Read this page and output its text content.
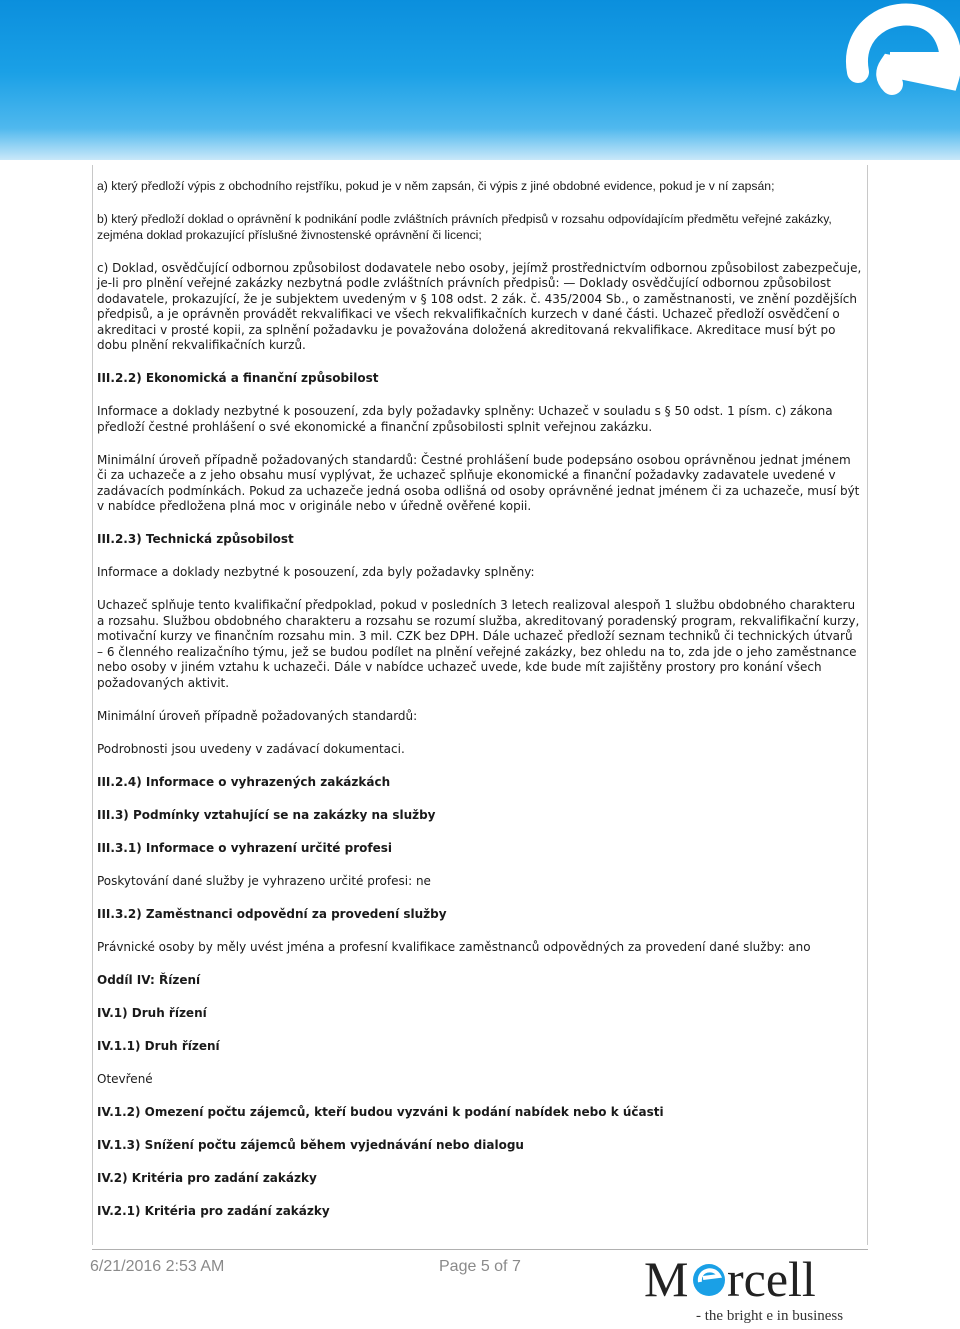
a) který předloží výpis z obchodního rejstříku, pokud je v něm zapsán, či výpis z jiné obdobné evidence, pokud je v ní zapsán;

b) který předloží doklad o oprávnění k podnikání podle zvláštních právních předpisů v rozsahu odpovídajícím předmětu veřejné zakázky, zejména doklad prokazující příslušné živnostenské oprávnění či licenci;

c) Doklad, osvědčující odbornou způsobilost dodavatele nebo osoby, jejímž prostřednictvím odbornou způsobilost zabezpečuje, je-li pro plnění veřejné zakázky nezbytná podle zvláštních právních předpisů: — Doklady osvědčující odbornou způsobilost dodavatele, prokazující, že je subjektem uvedeným v § 108 odst. 2 zák. č. 435/2004 Sb., o zaměstnanosti, ve znění pozdějších předpisů, a je oprávněn provádět rekvalifikaci ve všech rekvalifikačních kurzech v dané části. Uchazeč předloží osvědčení o akreditaci v prosté kopii, za splnění požadavku je považována doložená akreditovaná rekvalifikace. Akreditace musí být po dobu plnění rekvalifikačních kurzů.

III.2.2) Ekonomická a finanční způsobilost

Informace a doklady nezbytné k posouzení, zda byly požadavky splněny: Uchazeč v souladu s § 50 odst. 1 písm. c) zákona předloží čestné prohlášení o své ekonomické a finanční způsobilosti splnit veřejnou zakázku.

Minimální úroveň případně požadovaných standardů: Čestné prohlášení bude podepsáno osobou oprávněnou jednat jménem či za uchazeče a z jeho obsahu musí vyplývat, že uchazeč splňuje ekonomické a finanční požadavky zadavatele uvedené v zadávacích podmínkách. Pokud za uchazeče jedná osoba odlišná od osoby oprávněné jednat jménem či za uchazeče, musí být v nabídce předložena plná moc v originále nebo v úředně ověřené kopii.

III.2.3) Technická způsobilost

Informace a doklady nezbytné k posouzení, zda byly požadavky splněny:

Uchazeč splňuje tento kvalifikační předpoklad, pokud v posledních 3 letech realizoval alespoň 1 službu obdobného charakteru a rozsahu. Službou obdobného charakteru a rozsahu se rozumí služba, akreditovaný poradenský program, rekvalifikační kurzy, motivační kurzy ve finančním rozsahu min. 3 mil. CZK bez DPH. Dále uchazeč předloží seznam techniků či technických útvarů – 6 členného realizačního týmu, jež se budou podílet na plnění veřejné zakázky, bez ohledu na to, zda jde o jeho zaměstnance nebo osoby v jiném vztahu k uchazeči. Dále v nabídce uchazeč uvede, kde bude mít zajištěny prostory pro konání všech požadovaných aktivit.

Minimální úroveň případně požadovaných standardů:

Podrobnosti jsou uvedeny v zadávací dokumentaci.

III.2.4) Informace o vyhrazených zakázkách

III.3) Podmínky vztahující se na zakázky na služby

III.3.1) Informace o vyhrazení určité profesi

Poskytování dané služby je vyhrazeno určité profesi: ne

III.3.2) Zaměstnanci odpovědní za provedení služby

Právnické osoby by měly uvést jména a profesní kvalifikace zaměstnanců odpovědných za provedení dané služby: ano

Oddíl IV: Řízení

IV.1) Druh řízení

IV.1.1) Druh řízení

Otevřené

IV.1.2) Omezení počtu zájemců, kteří budou vyzváni k podání nabídek nebo k účasti

IV.1.3) Snížení počtu zájemců během vyjednávání nebo dialogu

IV.2) Kritéria pro zadání zakázky

IV.2.1) Kritéria pro zadání zakázky

6/21/2016 2:53 AM	Page 5 of 7 M rcell
- the bright e in business
